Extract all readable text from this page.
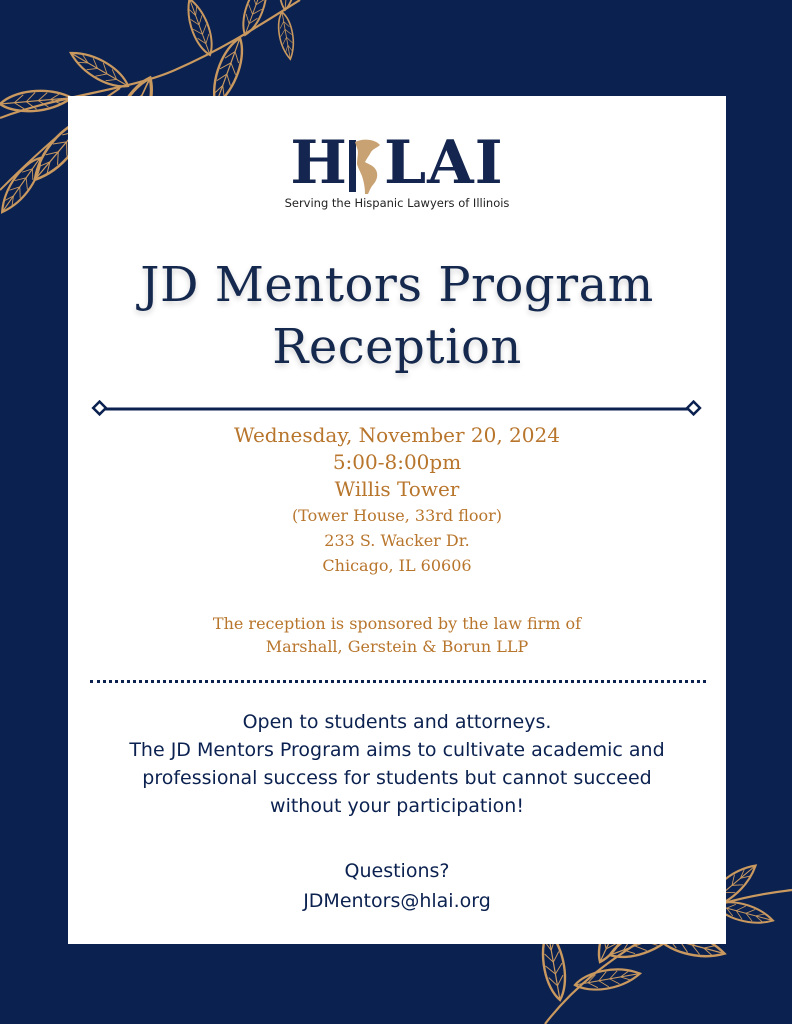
H LAI
Serving the Hispanic Lawyers of Illinois
JD Mentors Program
Reception
Wednesday, November 20, 2024
5:00-8:00pm
Willis Tower
(Tower House, 33rd floor)
233 S. Wacker Dr.
Chicago, IL 60606
The reception is sponsored by the law firm of
Marshall, Gerstein & Borun LLP
Open to students and attorneys.
The JD Mentors Program aims to cultivate academic and
professional success for students but cannot succeed
without your participation!
Questions?
JDMentors@hlai.org
